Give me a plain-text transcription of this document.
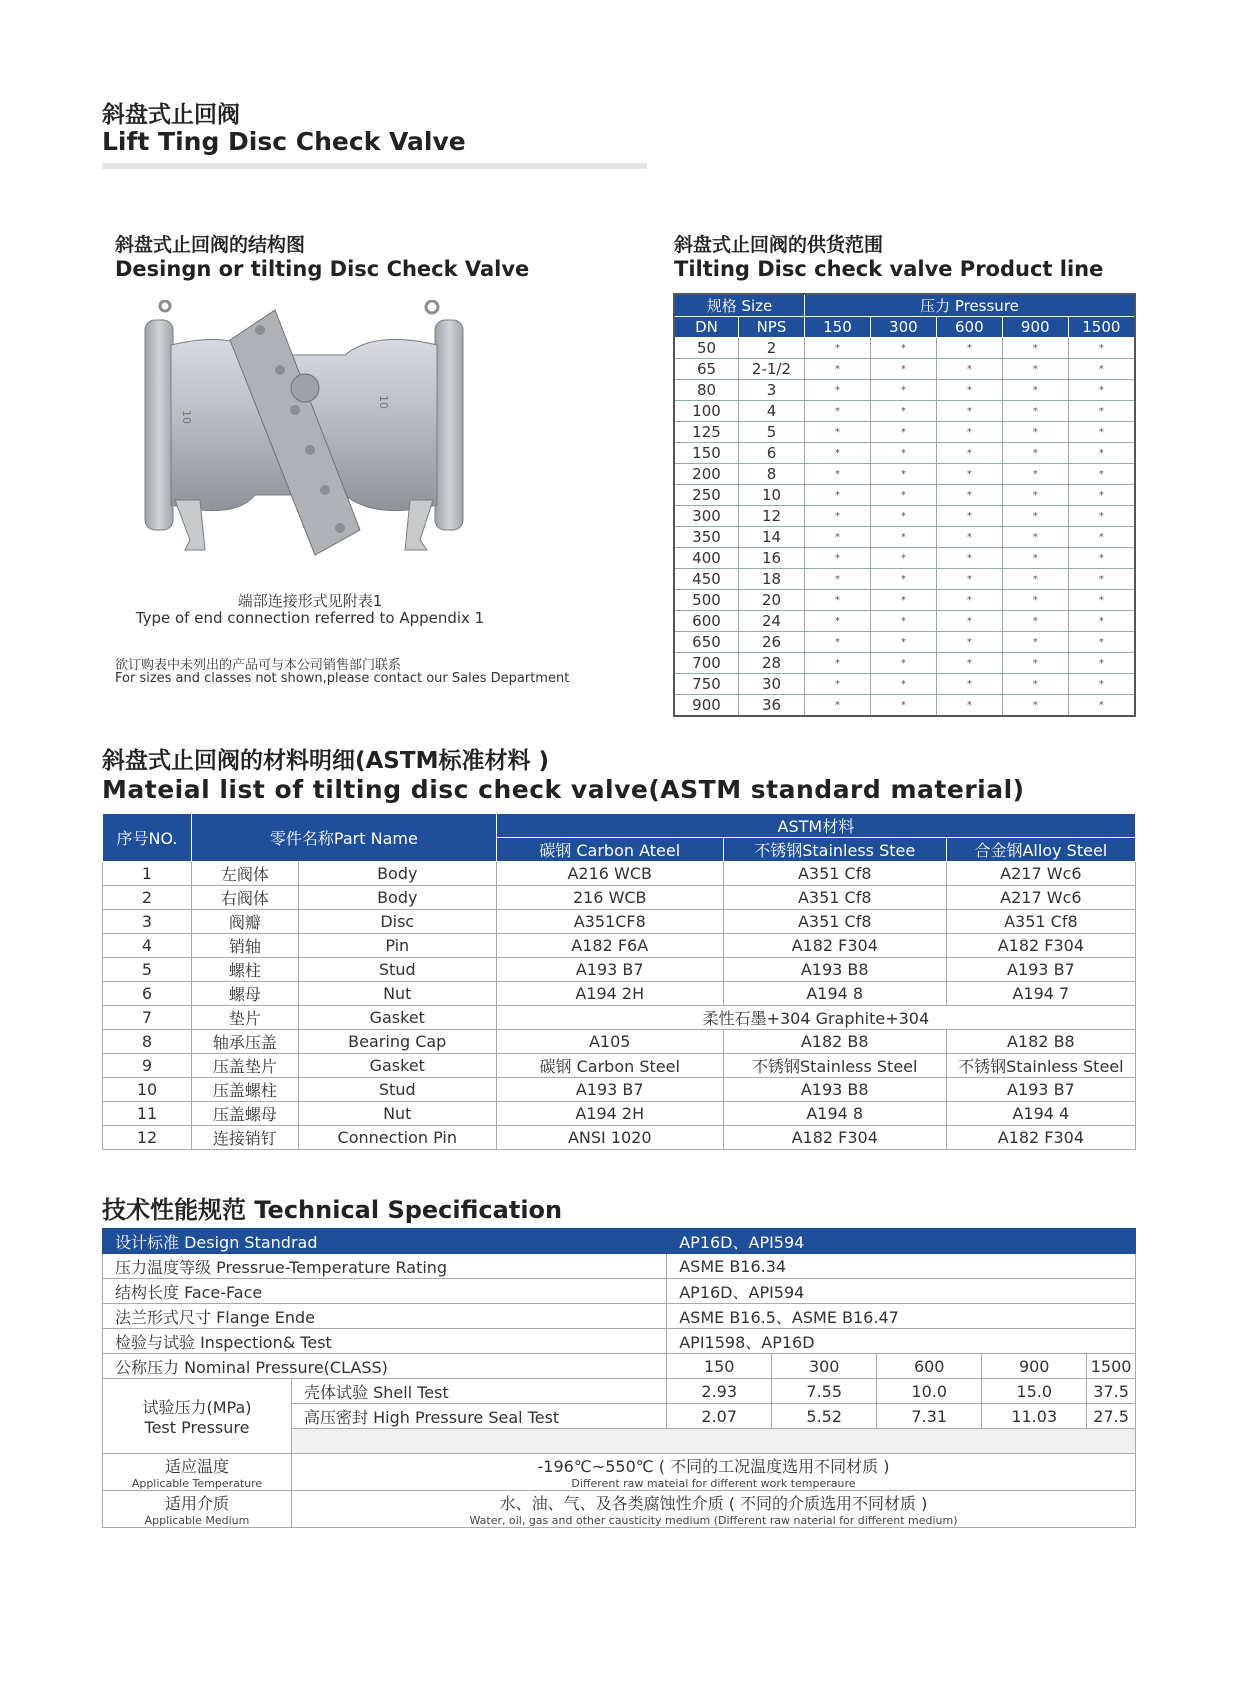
斜盘式止回阀
Lift Ting Disc Check Valve
斜盘式止回阀的结构图
Desingn or tilting Disc Check Valve
10
10
端部连接形式见附表1
Type of end connection referred to Appendix 1
欲订购表中未列出的产品可与本公司销售部门联系
For sizes and classes not shown,please contact our Sales Department
斜盘式止回阀的供货范围
Tilting Disc check valve Product line
规格 Size		压力 Pressure				
DN	NPS	150	300	600	900	1500
50	2	*	*	*	*	*
65	2-1/2	*	*	*	*	*
80	3	*	*	*	*	*
100	4	*	*	*	*	*
125	5	*	*	*	*	*
150	6	*	*	*	*	*
200	8	*	*	*	*	*
250	10	*	*	*	*	*
300	12	*	*	*	*	*
350	14	*	*	*	*	*
400	16	*	*	*	*	*
450	18	*	*	*	*	*
500	20	*	*	*	*	*
600	24	*	*	*	*	*
650	26	*	*	*	*	*
700	28	*	*	*	*	*
750	30	*	*	*	*	*
900	36	*	*	*	*	*
斜盘式止回阀的材料明细(ASTM标准材料 )
Mateial list of tilting disc check valve(ASTM standard material)
序号NO.	零件名称Part Name		ASTM材料		
			碳钢 Carbon Ateel	不锈钢Stainless Stee	合金钢Alloy Steel
1	左阀体	Body	A216 WCB	A351 Cf8	A217 Wc6
2	右阀体	Body	216 WCB	A351 Cf8	A217 Wc6
3	阀瓣	Disc	A351CF8	A351 Cf8	A351 Cf8
4	销轴	Pin	A182 F6A	A182 F304	A182 F304
5	螺柱	Stud	A193 B7	A193 B8	A193 B7
6	螺母	Nut	A194 2H	A194 8	A194 7
7	垫片	Gasket	柔性石墨+304 Graphite+304		
8	轴承压盖	Bearing Cap	A105	A182 B8	A182 B8
9	压盖垫片	Gasket	碳钢 Carbon Steel	不锈钢Stainless Steel	不锈钢Stainless Steel
10	压盖螺柱	Stud	A193 B7	A193 B8	A193 B7
11	压盖螺母	Nut	A194 2H	A194 8	A194 4
12	连接销钉	Connection Pin	ANSI 1020	A182 F304	A182 F304
技术性能规范 Technical Specification
设计标准 Design Standrad		AP16D、API594				
压力温度等级 Pressrue-Temperature Rating		ASME B16.34				
结构长度 Face-Face		AP16D、API594				
法兰形式尺寸 Flange Ende		ASME B16.5、ASME B16.47				
检验与试验 Inspection& Test		API1598、AP16D				
公称压力 Nominal Pressure(CLASS)		150	300	600	900	1500
试验压力(MPa)
Test Pressure	壳体试验 Shell Test	2.93	7.55	10.0	15.0	37.5
	高压密封 High Pressure Seal Test	2.07	5.52	7.31	11.03	27.5

适应温度
Applicable Temperature	-196℃~550℃ ( 不同的工况温度选用不同材质 )
Different raw mateial for different work temperaure					

适用介质
Applicable Medium	水、油、气、及各类腐蚀性介质 ( 不同的介质选用不同材质 )
Water, oil, gas and other causticity medium (Different raw naterial for different medium)					
